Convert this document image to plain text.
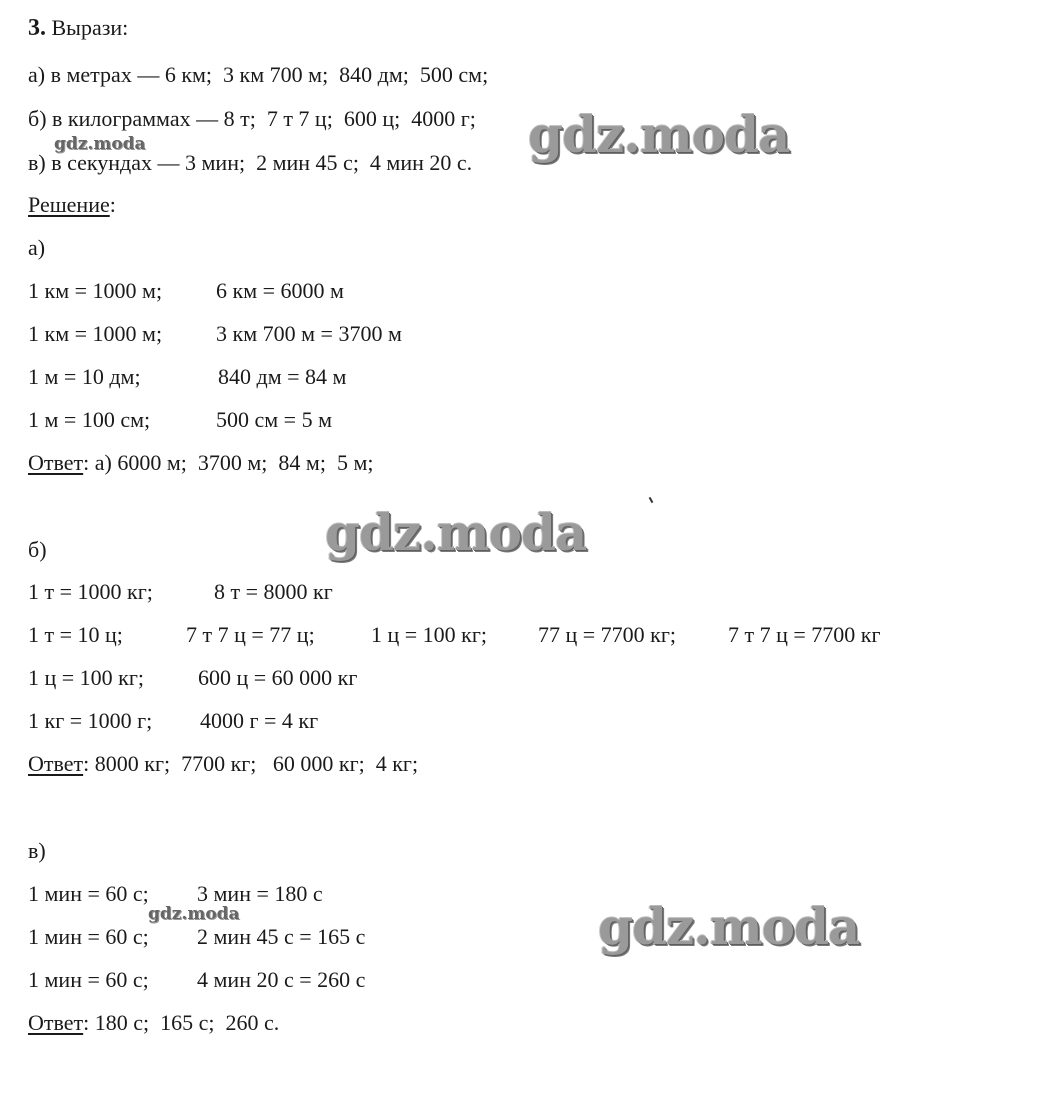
3. Вырази:
а) в метрах — 6 км;  3 км 700 м;  840 дм;  500 см;
б) в килограммах — 8 т;  7 т 7 ц;  600 ц;  4000 г;
в) в секундах — 3 мин;  2 мин 45 с;  4 мин 20 с.
Решение:
а)
1 км = 1000 м; 6 км = 6000 м
1 км = 1000 м; 3 км 700 м = 3700 м
1 м = 10 дм;	840 дм = 84 м
1 м = 100 см;	500 см = 5 м
Ответ: а) 6000 м;  3700 м;  84 м;  5 м;
б)
1 т = 1000 кг;	8 т = 8000 кг
1 т = 10 ц;	7 т 7 ц = 77 ц;	1 ц = 100 кг; 77 ц = 7700 кг; 7 т 7 ц = 7700 кг
1 ц = 100 кг; 600 ц = 60 000 кг
1 кг = 1000 г; 4000 г = 4 кг
Ответ: 8000 кг;  7700 кг;   60 000 кг;  4 кг;
в)
1 мин = 60 с; 3 мин = 180 с
1 мин = 60 с; 2 мин 45 с = 165 с
1 мин = 60 с; 4 мин 20 с = 260 с
Ответ: 180 с;  165 с;  260 с.
gdz.moda	gdz.moda
gdz.moda
gdz.moda	gdz.moda
